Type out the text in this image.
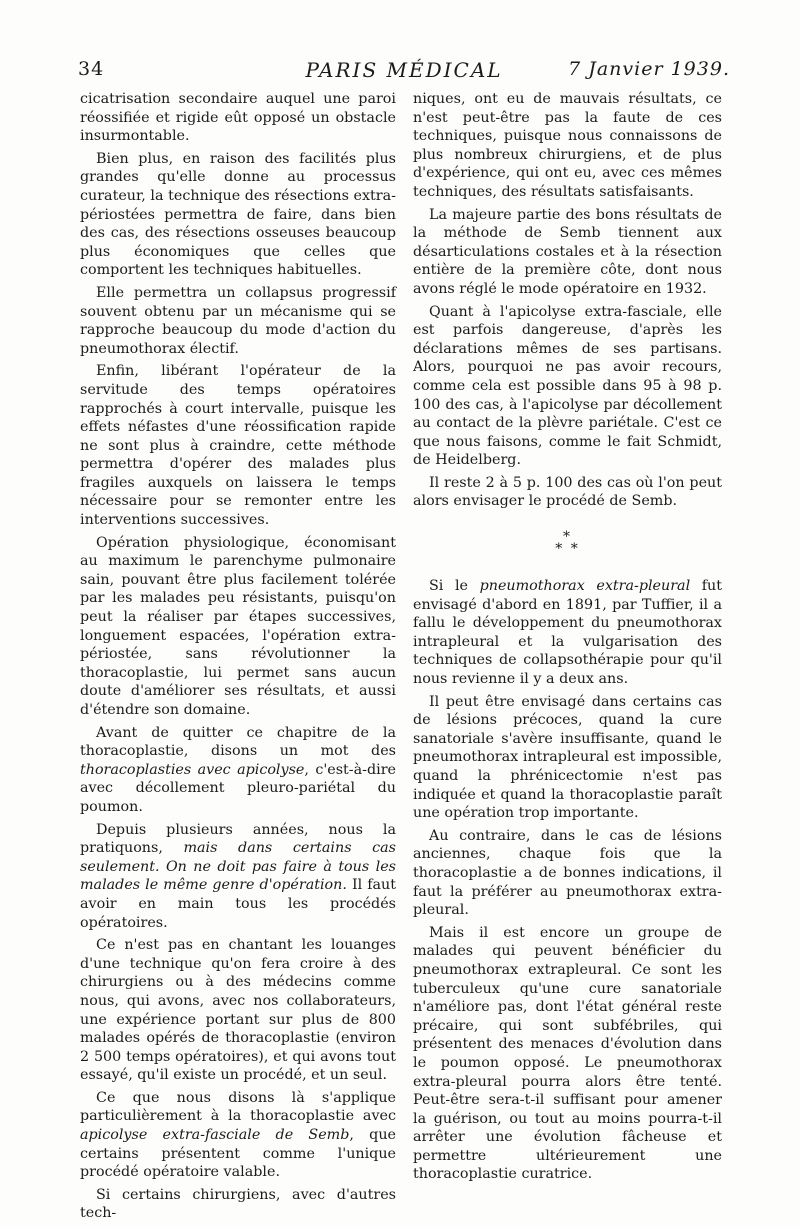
34	PARIS MÉDICAL	7 Janvier 1939.

cicatrisation secondaire auquel une paroi réossifiée et rigide eût opposé un obstacle insurmontable.

Bien plus, en raison des facilités plus grandes qu'elle donne au processus curateur, la technique des résections extra-périostées permettra de faire, dans bien des cas, des résections osseuses beaucoup plus économiques que celles que comportent les techniques habituelles.

Elle permettra un collapsus progressif souvent obtenu par un mécanisme qui se rapproche beaucoup du mode d'action du pneumothorax électif.

Enfin, libérant l'opérateur de la servitude des temps opératoires rapprochés à court intervalle, puisque les effets néfastes d'une réossification rapide ne sont plus à craindre, cette méthode permettra d'opérer des malades plus fragiles auxquels on laissera le temps nécessaire pour se remonter entre les interventions successives.

Opération physiologique, économisant au maximum le parenchyme pulmonaire sain, pouvant être plus facilement tolérée par les malades peu résistants, puisqu'on peut la réaliser par étapes successives, longuement espacées, l'opération extra-périostée, sans révolutionner la thoracoplastie, lui permet sans aucun doute d'améliorer ses résultats, et aussi d'étendre son domaine.

Avant de quitter ce chapitre de la thoracoplastie, disons un mot des thoracoplasties avec apicolyse, c'est-à-dire avec décollement pleuro-pariétal du poumon.

Depuis plusieurs années, nous la pratiquons, mais dans certains cas seulement. On ne doit pas faire à tous les malades le même genre d'opération. Il faut avoir en main tous les procédés opératoires.

Ce n'est pas en chantant les louanges d'une technique qu'on fera croire à des chirurgiens ou à des médecins comme nous, qui avons, avec nos collaborateurs, une expérience portant sur plus de 800 malades opérés de thoracoplastie (environ 2 500 temps opératoires), et qui avons tout essayé, qu'il existe un procédé, et un seul.

Ce que nous disons là s'applique particulièrement à la thoracoplastie avec apicolyse extra-fasciale de Semb, que certains présentent comme l'unique procédé opératoire valable.

Si certains chirurgiens, avec d'autres tech-

niques, ont eu de mauvais résultats, ce n'est peut-être pas la faute de ces techniques, puisque nous connaissons de plus nombreux chirurgiens, et de plus d'expérience, qui ont eu, avec ces mêmes techniques, des résultats satisfaisants.

La majeure partie des bons résultats de la méthode de Semb tiennent aux désarticulations costales et à la résection entière de la première côte, dont nous avons réglé le mode opératoire en 1932.

Quant à l'apicolyse extra-fasciale, elle est parfois dangereuse, d'après les déclarations mêmes de ses partisans. Alors, pourquoi ne pas avoir recours, comme cela est possible dans 95 à 98 p. 100 des cas, à l'apicolyse par décollement au contact de la plèvre pariétale. C'est ce que nous faisons, comme le fait Schmidt, de Heidelberg.

Il reste 2 à 5 p. 100 des cas où l'on peut alors envisager le procédé de Semb.

*
* *

Si le pneumothorax extra-pleural fut envisagé d'abord en 1891, par Tuffier, il a fallu le développement du pneumothorax intrapleural et la vulgarisation des techniques de collapsothérapie pour qu'il nous revienne il y a deux ans.

Il peut être envisagé dans certains cas de lésions précoces, quand la cure sanatoriale s'avère insuffisante, quand le pneumothorax intrapleural est impossible, quand la phrénicectomie n'est pas indiquée et quand la thoracoplastie paraît une opération trop importante.

Au contraire, dans le cas de lésions anciennes, chaque fois que la thoracoplastie a de bonnes indications, il faut la préférer au pneumothorax extra-pleural.

Mais il est encore un groupe de malades qui peuvent bénéficier du pneumothorax extrapleural. Ce sont les tuberculeux qu'une cure sanatoriale n'améliore pas, dont l'état général reste précaire, qui sont subfébriles, qui présentent des menaces d'évolution dans le poumon opposé. Le pneumothorax extra-pleural pourra alors être tenté. Peut-être sera-t-il suffisant pour amener la guérison, ou tout au moins pourra-t-il arrêter une évolution fâcheuse et permettre ultérieurement une thoracoplastie curatrice.
